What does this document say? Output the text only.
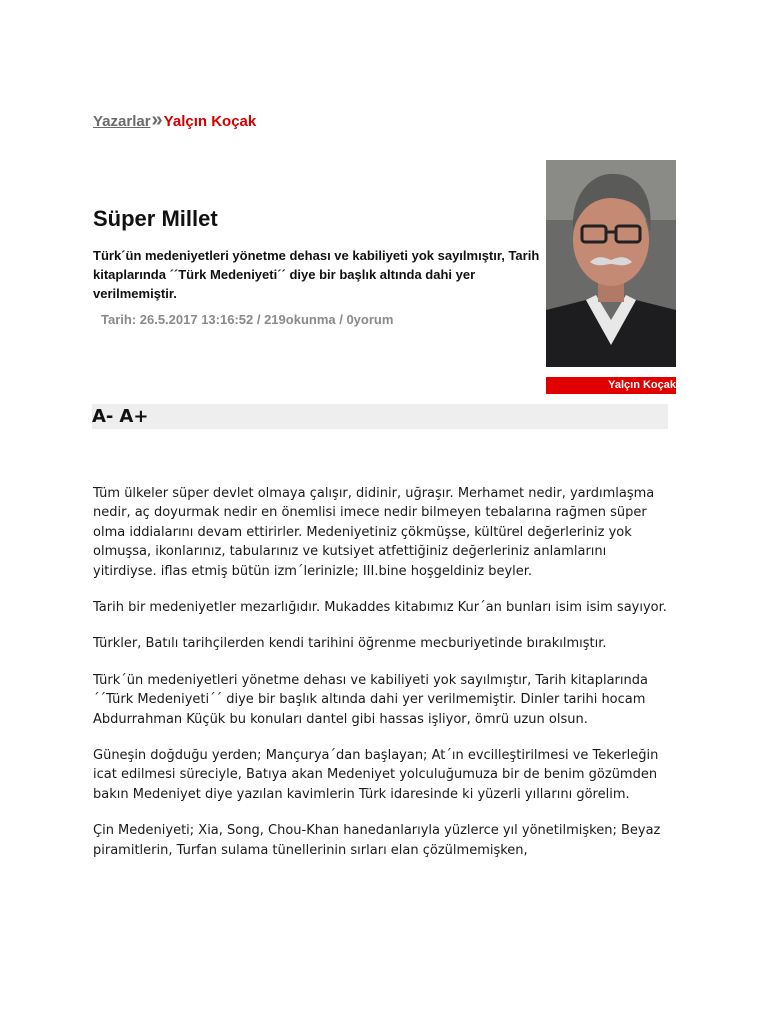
Yazarlar » Yalçın Koçak
Süper Millet

Türk´ün medeniyetleri yönetme dehası ve kabiliyeti yok sayılmıştır, Tarih kitaplarında ´´Türk Medeniyeti´´ diye bir başlık altında dahi yer verilmemiştir.

Tarih: 26.5.2017 13:16:52 / 219okunma / 0yorum
Yalçın Koçak
A- A+

Tüm ülkeler süper devlet olmaya çalışır, didinir, uğraşır. Merhamet nedir, yardımlaşma nedir, aç doyurmak nedir en önemlisi imece nedir bilmeyen tebalarına rağmen süper olma iddialarını devam ettirirler. Medeniyetiniz çökmüşse, kültürel değerleriniz yok olmuşsa, ikonlarınız, tabularınız ve kutsiyet atfettiğiniz değerleriniz anlamlarını yitirdiyse. iflas etmiş bütün izm´lerinizle; III.bine hoşgeldiniz beyler.

Tarih bir medeniyetler mezarlığıdır. Mukaddes kitabımız Kur´an bunları isim isim sayıyor.

Türkler, Batılı tarihçilerden kendi tarihini öğrenme mecburiyetinde bırakılmıştır.

Türk´ün medeniyetleri yönetme dehası ve kabiliyeti yok sayılmıştır, Tarih kitaplarında ´´Türk Medeniyeti´´ diye bir başlık altında dahi yer verilmemiştir. Dinler tarihi hocam Abdurrahman Küçük bu konuları dantel gibi hassas işliyor, ömrü uzun olsun.

Güneşin doğduğu yerden; Mançurya´dan başlayan; At´ın evcilleştirilmesi ve Tekerleğin icat edilmesi süreciyle, Batıya akan Medeniyet yolculuğumuza bir de benim gözümden bakın Medeniyet diye yazılan kavimlerin Türk idaresinde ki yüzerli yıllarını görelim.

Çin Medeniyeti; Xia, Song, Chou-Khan hanedanlarıyla yüzlerce yıl yönetilmişken; Beyaz piramitlerin, Turfan sulama tünellerinin sırları elan çözülmemişken,
